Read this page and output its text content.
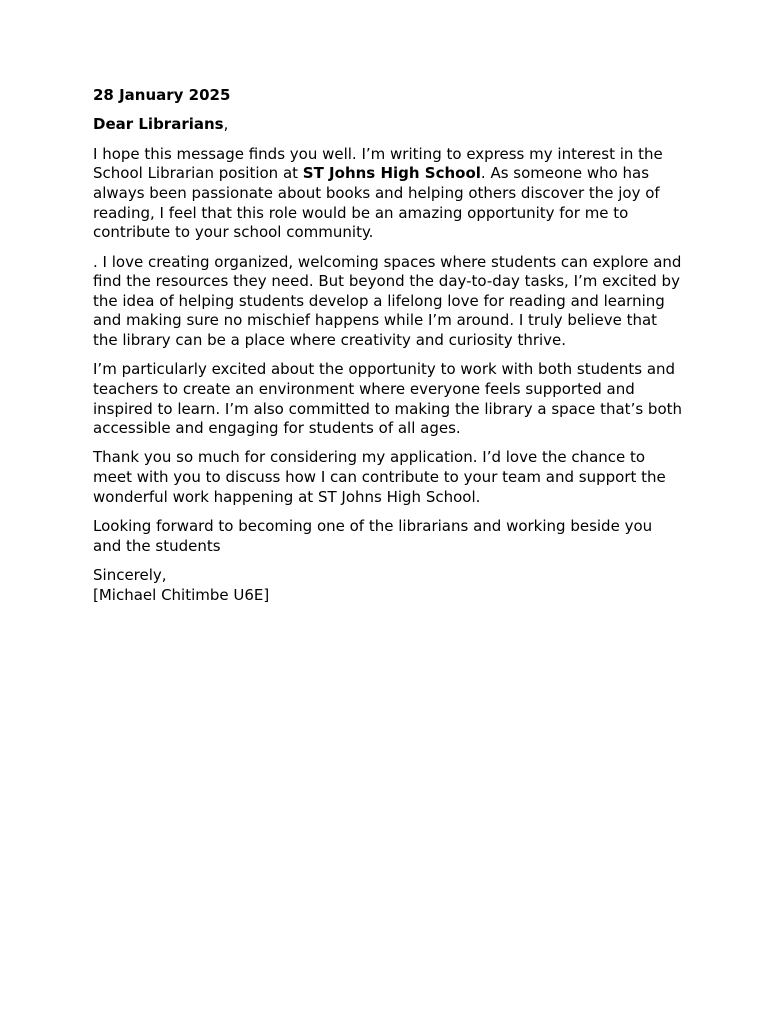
28 January 2025

Dear Librarians,

I hope this message finds you well. I’m writing to express my interest in the School Librarian position at ST Johns High School. As someone who has always been passionate about books and helping others discover the joy of reading, I feel that this role would be an amazing opportunity for me to contribute to your school community.

. I love creating organized, welcoming spaces where students can explore and find the resources they need. But beyond the day-to-day tasks, I’m excited by the idea of helping students develop a lifelong love for reading and learning and making sure no mischief happens while I’m around. I truly believe that the library can be a place where creativity and curiosity thrive.

I’m particularly excited about the opportunity to work with both students and teachers to create an environment where everyone feels supported and inspired to learn. I’m also committed to making the library a space that’s both accessible and engaging for students of all ages.

Thank you so much for considering my application. I’d love the chance to meet with you to discuss how I can contribute to your team and support the wonderful work happening at ST Johns High School.

Looking forward to becoming one of the librarians and working beside you and the students

Sincerely,
[Michael Chitimbe U6E]
